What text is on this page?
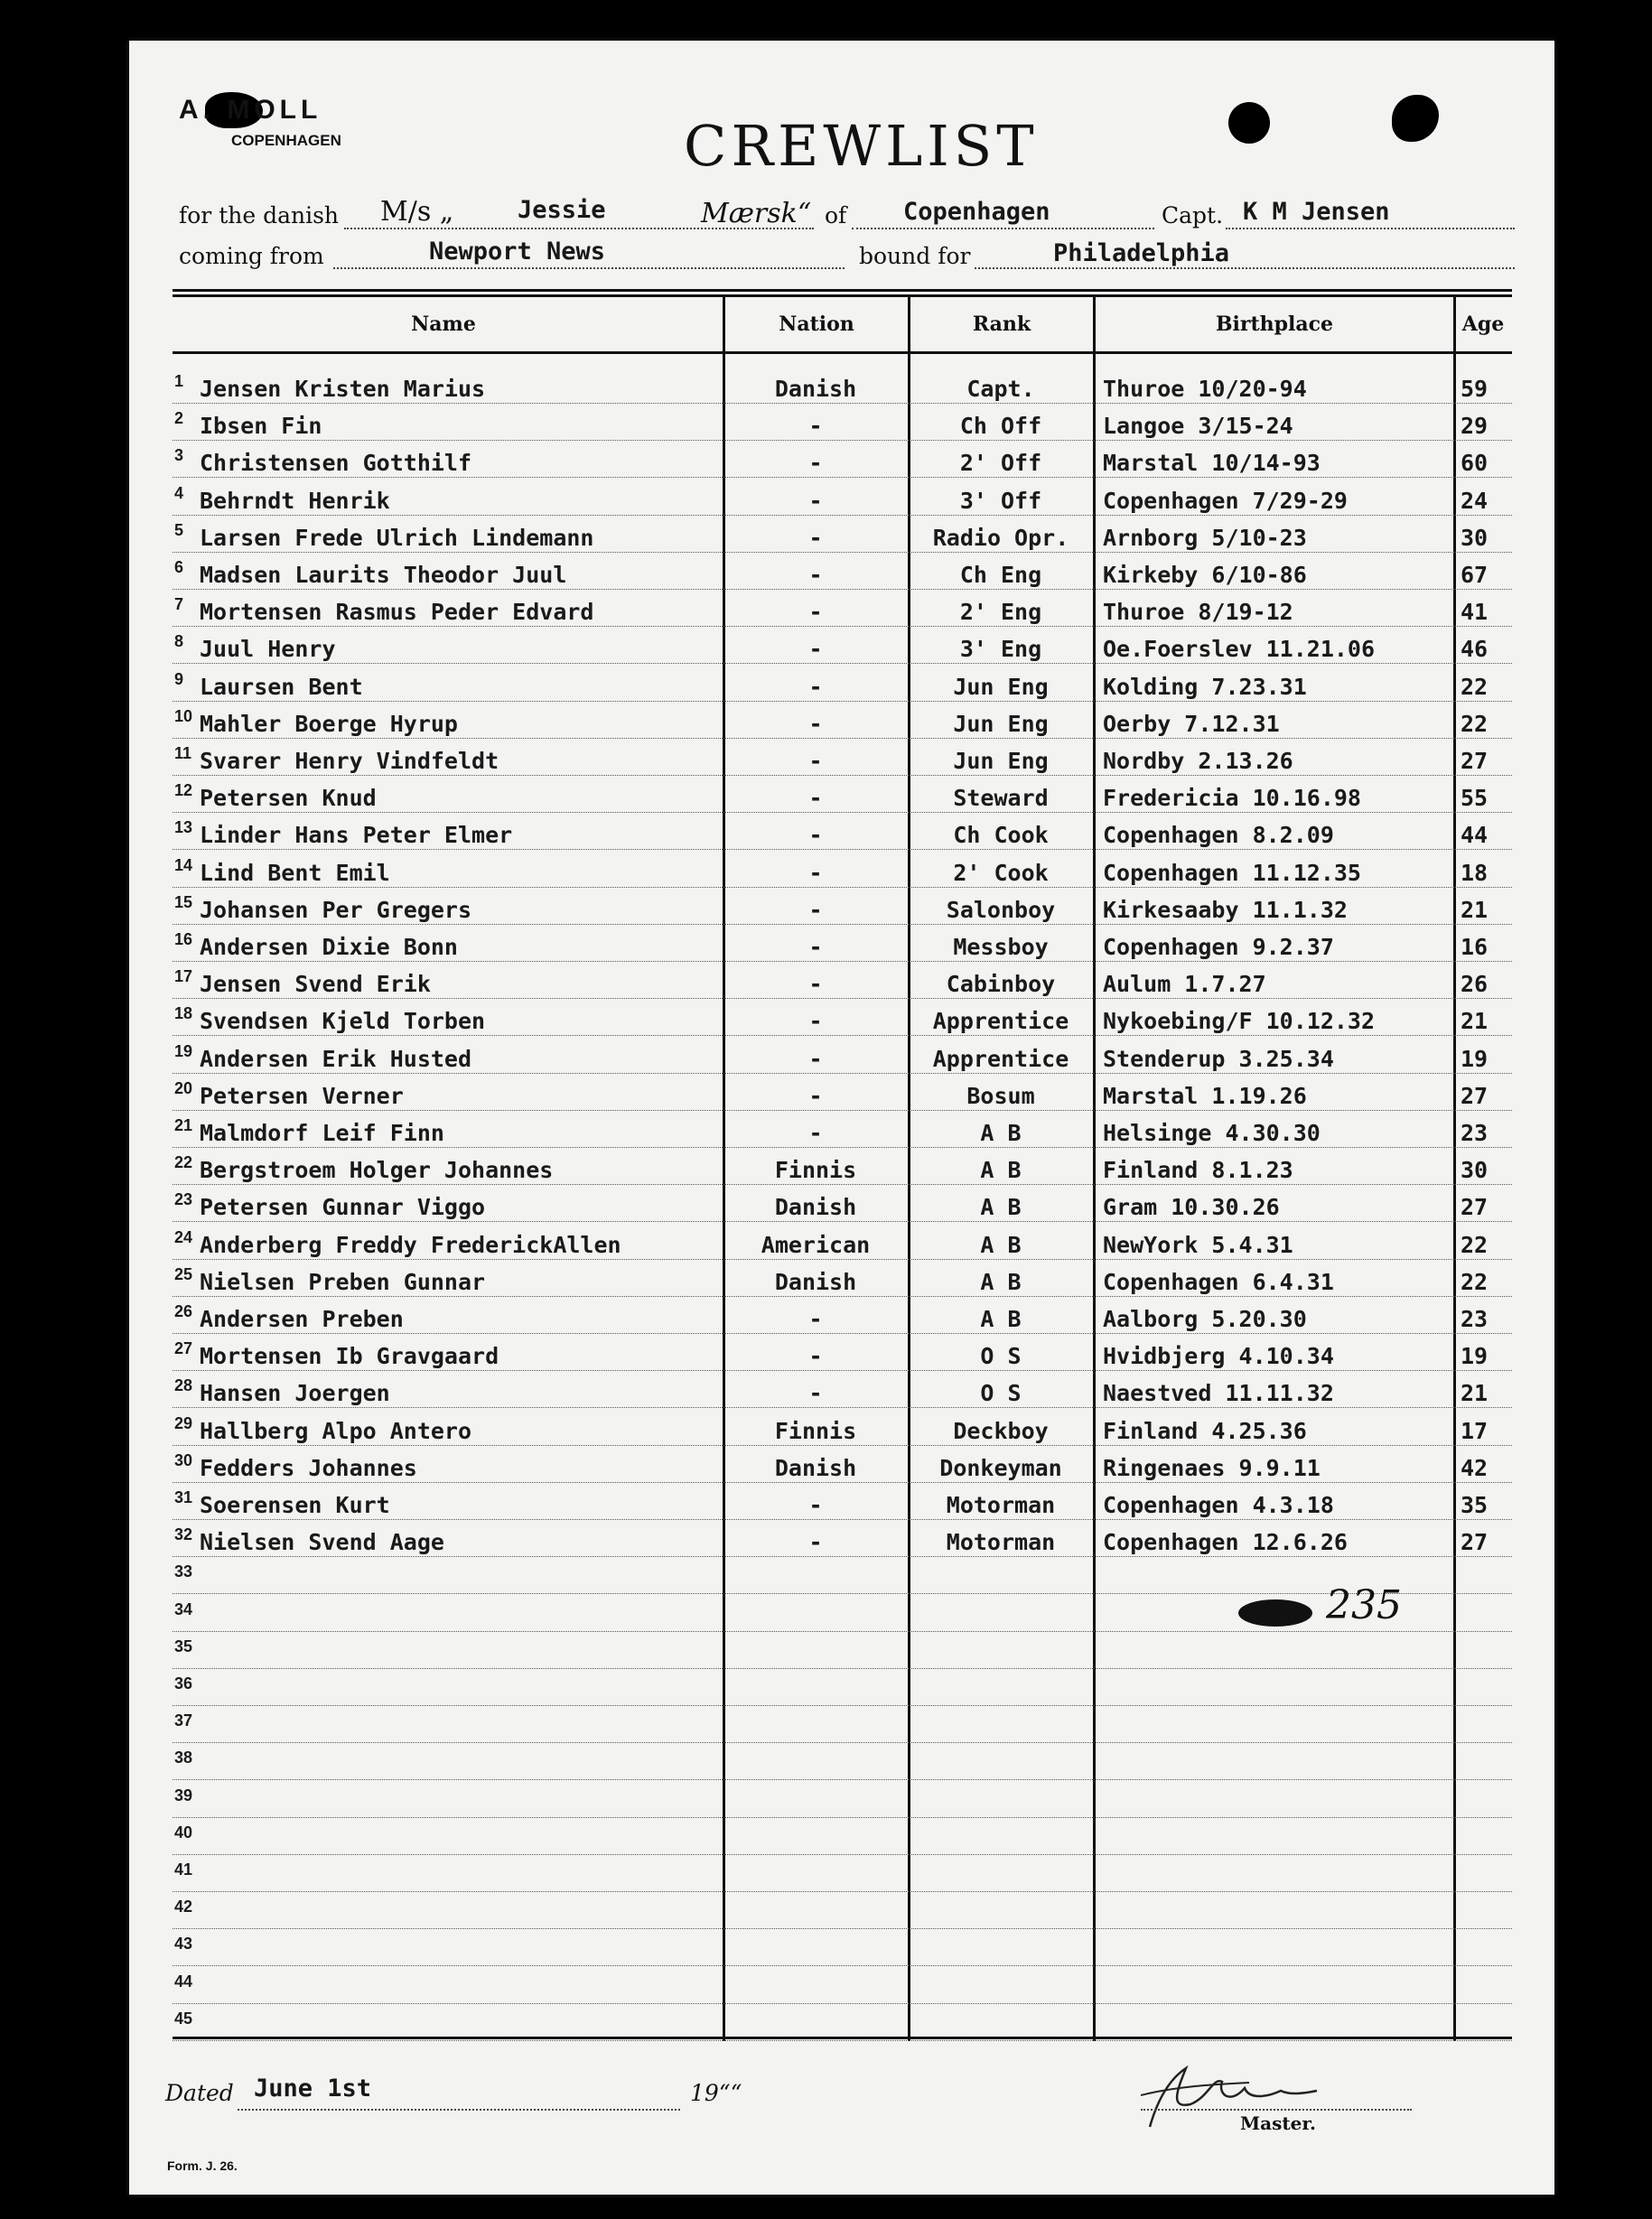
A. MOLL
COPENHAGEN	CREWLIST
for the danish M/s „	Jessie	Mærsk“ of Copenhagen	Capt. K M Jensen
coming from	Newport News	bound for	Philadelphia
Name	Nation	Rank	Birthplace	Age
1 Jensen Kristen Marius	Danish	Capt.	Thuroe 10/20-94	59
2 Ibsen Fin	-	Ch Off	Langoe 3/15-24	29
3 Christensen Gotthilf	-	2' Off	Marstal 10/14-93	60
4 Behrndt Henrik	-	3' Off	Copenhagen 7/29-29	24
5 Larsen Frede Ulrich Lindemann	-	Radio Opr.	Arnborg 5/10-23	30
6 Madsen Laurits Theodor Juul	-	Ch Eng	Kirkeby 6/10-86	67
7 Mortensen Rasmus Peder Edvard	-	2' Eng	Thuroe 8/19-12	41
8 Juul Henry	-	3' Eng	Oe.Foerslev 11.21.06	46
9 Laursen Bent	-	Jun Eng	Kolding 7.23.31	22
10 Mahler Boerge Hyrup	-	Jun Eng	Oerby 7.12.31	22
11 Svarer Henry Vindfeldt	-	Jun Eng	Nordby 2.13.26	27
12 Petersen Knud	-	Steward	Fredericia 10.16.98	55
13 Linder Hans Peter Elmer	-	Ch Cook	Copenhagen 8.2.09	44
14 Lind Bent Emil	-	2' Cook	Copenhagen 11.12.35	18
15 Johansen Per Gregers	-	Salonboy	Kirkesaaby 11.1.32	21
16 Andersen Dixie Bonn	-	Messboy	Copenhagen 9.2.37	16
17 Jensen Svend Erik	-	Cabinboy	Aulum 1.7.27	26
18 Svendsen Kjeld Torben	-	Apprentice	Nykoebing/F 10.12.32	21
19 Andersen Erik Husted	-	Apprentice	Stenderup 3.25.34	19
20 Petersen Verner	-	Bosum	Marstal 1.19.26	27
21 Malmdorf Leif Finn	-	A B	Helsinge 4.30.30	23
22 Bergstroem Holger Johannes	Finnis	A B	Finland 8.1.23	30
23 Petersen Gunnar Viggo	Danish	A B	Gram 10.30.26	27
24 Anderberg Freddy FrederickAllen	American	A B	NewYork 5.4.31	22
25 Nielsen Preben Gunnar	Danish	A B	Copenhagen 6.4.31	22
26 Andersen Preben	-	A B	Aalborg 5.20.30	23
27 Mortensen Ib Gravgaard	-	O S	Hvidbjerg 4.10.34	19
28 Hansen Joergen	-	O S	Naestved 11.11.32	21
29 Hallberg Alpo Antero	Finnis	Deckboy	Finland 4.25.36	17
30 Fedders Johannes	Danish	Donkeyman	Ringenaes 9.9.11	42
31 Soerensen Kurt	-	Motorman	Copenhagen 4.3.18	35
32 Nielsen Svend Aage	-	Motorman	Copenhagen 12.6.26	27
33
34
35
36
37
38
39
40
41
42
43
44
45
235
Dated June 1st	19““
Master.
Form. J. 26.
